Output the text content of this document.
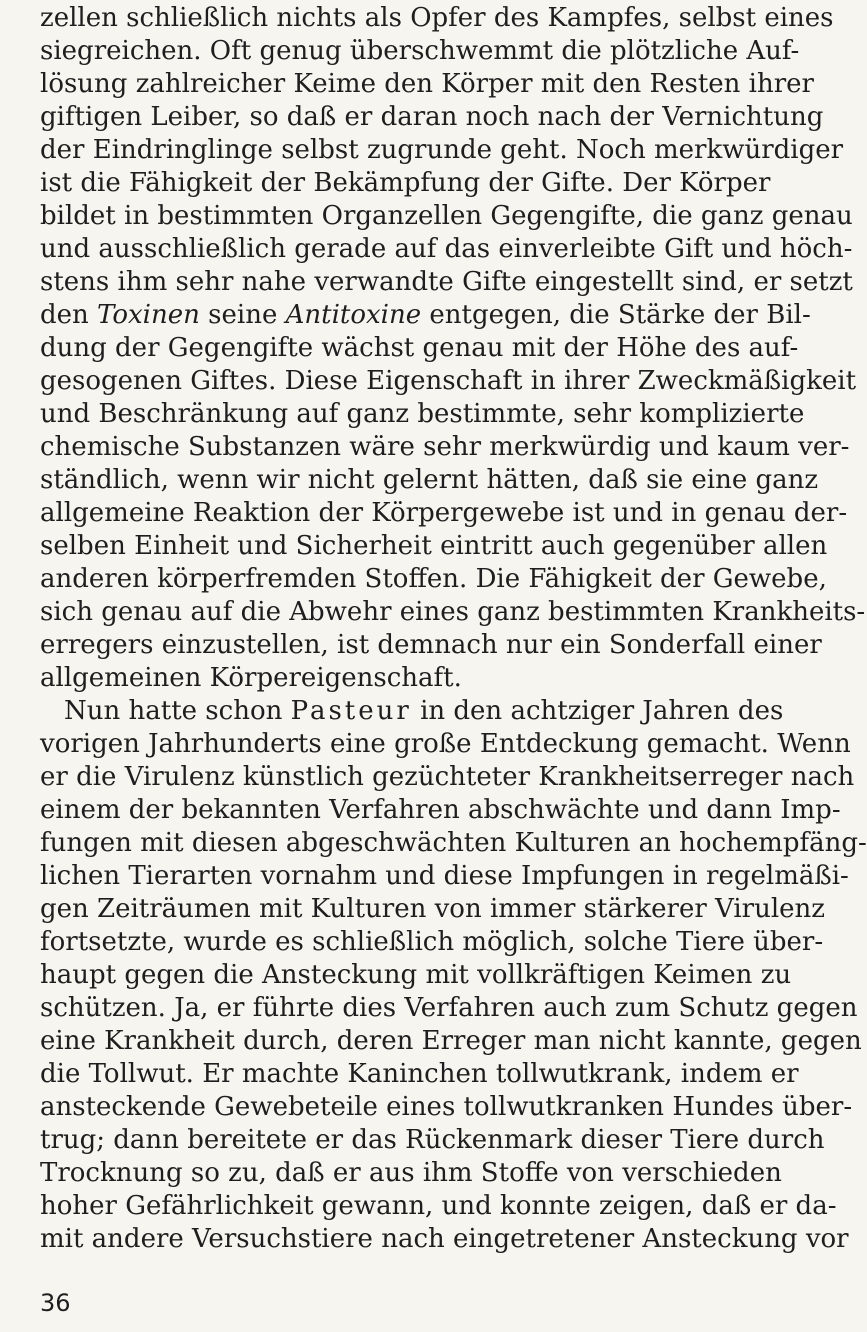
zellen schließlich nichts als Opfer des Kampfes, selbst eines
siegreichen. Oft genug überschwemmt die plötzliche Auf-
lösung zahlreicher Keime den Körper mit den Resten ihrer
giftigen Leiber, so daß er daran noch nach der Vernichtung
der Eindringlinge selbst zugrunde geht. Noch merkwürdiger
ist die Fähigkeit der Bekämpfung der Gifte. Der Körper
bildet in bestimmten Organzellen Gegengifte, die ganz genau
und ausschließlich gerade auf das einverleibte Gift und höch-
stens ihm sehr nahe verwandte Gifte eingestellt sind, er setzt
den Toxinen seine Antitoxine entgegen, die Stärke der Bil-
dung der Gegengifte wächst genau mit der Höhe des auf-
gesogenen Giftes. Diese Eigenschaft in ihrer Zweckmäßigkeit
und Beschränkung auf ganz bestimmte, sehr komplizierte
chemische Substanzen wäre sehr merkwürdig und kaum ver-
ständlich, wenn wir nicht gelernt hätten, daß sie eine ganz
allgemeine Reaktion der Körpergewebe ist und in genau der-
selben Einheit und Sicherheit eintritt auch gegenüber allen
anderen körperfremden Stoffen. Die Fähigkeit der Gewebe,
sich genau auf die Abwehr eines ganz bestimmten Krankheits-
erregers einzustellen, ist demnach nur ein Sonderfall einer
allgemeinen Körpereigenschaft.
Nun hatte schon Pasteur in den achtziger Jahren des
vorigen Jahrhunderts eine große Entdeckung gemacht. Wenn
er die Virulenz künstlich gezüchteter Krankheitserreger nach
einem der bekannten Verfahren abschwächte und dann Imp-
fungen mit diesen abgeschwächten Kulturen an hochempfäng-
lichen Tierarten vornahm und diese Impfungen in regelmäßi-
gen Zeiträumen mit Kulturen von immer stärkerer Virulenz
fortsetzte, wurde es schließlich möglich, solche Tiere über-
haupt gegen die Ansteckung mit vollkräftigen Keimen zu
schützen. Ja, er führte dies Verfahren auch zum Schutz gegen
eine Krankheit durch, deren Erreger man nicht kannte, gegen
die Tollwut. Er machte Kaninchen tollwutkrank, indem er
ansteckende Gewebeteile eines tollwutkranken Hundes über-
trug; dann bereitete er das Rückenmark dieser Tiere durch
Trocknung so zu, daß er aus ihm Stoffe von verschieden
hoher Gefährlichkeit gewann, und konnte zeigen, daß er da-
mit andere Versuchstiere nach eingetretener Ansteckung vor
36
